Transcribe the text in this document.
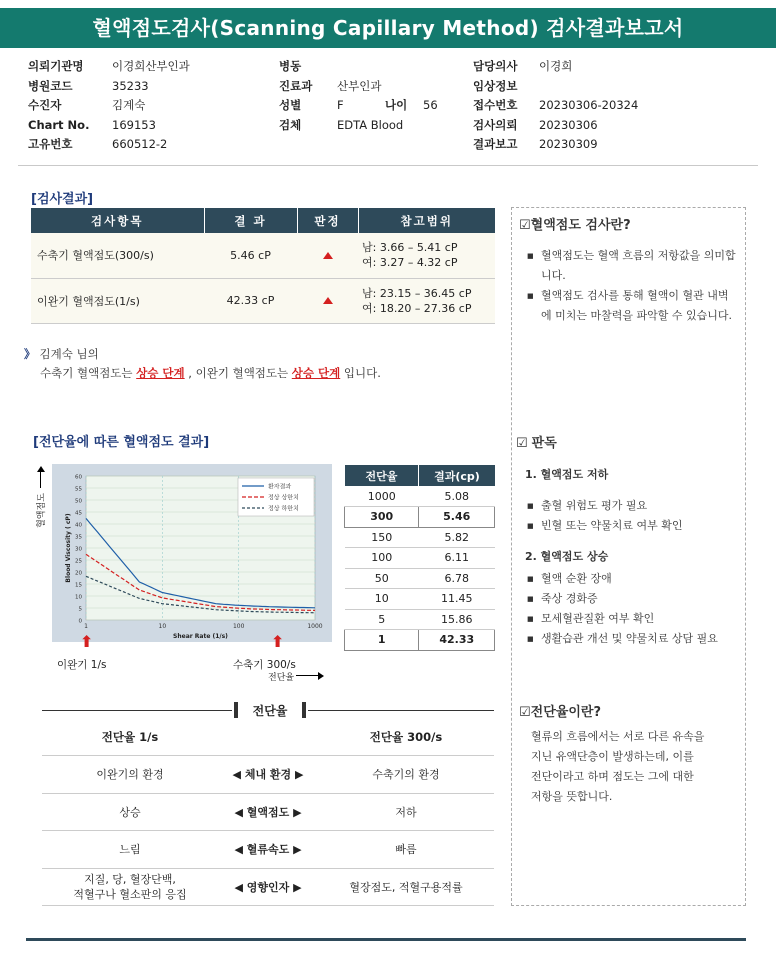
혈액점도검사(Scanning Capillary Method) 검사결과보고서
의뢰기관명 이경희산부인과
병원코드	35233
수진자	김계숙
Chart No. 169153
고유번호	660512-2
병동
진료과 산부인과
성별	F	나이 56
검체	EDTA Blood
담당의사 이경희
임상정보
접수번호 20230306-20324
검사의뢰 20230306
결과보고 20230309
[검사결과]
검사항목	결 과	판정	참고범위
수축기 혈액점도(300/s)	5.46 cP		남: 3.66 – 5.41 cP
여: 3.27 – 4.32 cP

이완기 혈액점도(1/s)	42.33 cP		남: 23.15 – 36.45 cP
여: 18.20 – 27.36 cP
》 김계숙 님의
수축기 혈액점도는 상승 단계 , 이완기 혈액점도는 상승 단계 입니다.
[전단율에 따른 혈액점도 결과]
혈액점도
0
5
10
15
20
25
30
35
40
45
50
55
60
1	10	100	1000
Shear Rate (1/s)
Blood Viscosity ( cP)
환자결과
정상 상한치
정상 하한치
⬆	⬆
이완기 1/s	수축기 300/s
전단율
전단율	결과(cp)
1000	5.08
300	5.46
150	5.82
100	6.11
50	6.78
10	11.45
5	15.86
1	42.33
전단율
전단율 1/s		전단율 300/s
이완기의 환경	◀ 체내 환경 ▶	수축기의 환경
상승	◀ 혈액점도 ▶	저하
느림	◀ 혈류속도 ▶	빠름

지질, 당, 혈장단백,
적혈구나 혈소판의 응집	◀ 영향인자 ▶	혈장점도, 적혈구용적률
☑혈액점도 검사란?
■ 혈액점도는 혈액 흐름의 저항값을 의미합니다.
■ 혈액점도 검사를 통해 혈액이 혈관 내벽에 미치는 마찰력을 파악할 수 있습니다.
☑ 판독
1. 혈액점도 저하
■ 출혈 위험도 평가 필요
■ 빈혈 또는 약물치료 여부 확인
2. 혈액점도 상승
■ 혈액 순환 장애
■ 죽상 경화증
■ 모세혈관질환 여부 확인
■ 생활습관 개선 및 약물치료 상담 필요
☑전단율이란?
혈류의 흐름에서는 서로 다른 유속을
지닌 유액단층이 발생하는데, 이를
전단이라고 하며 점도는 그에 대한
저항을 뜻합니다.
